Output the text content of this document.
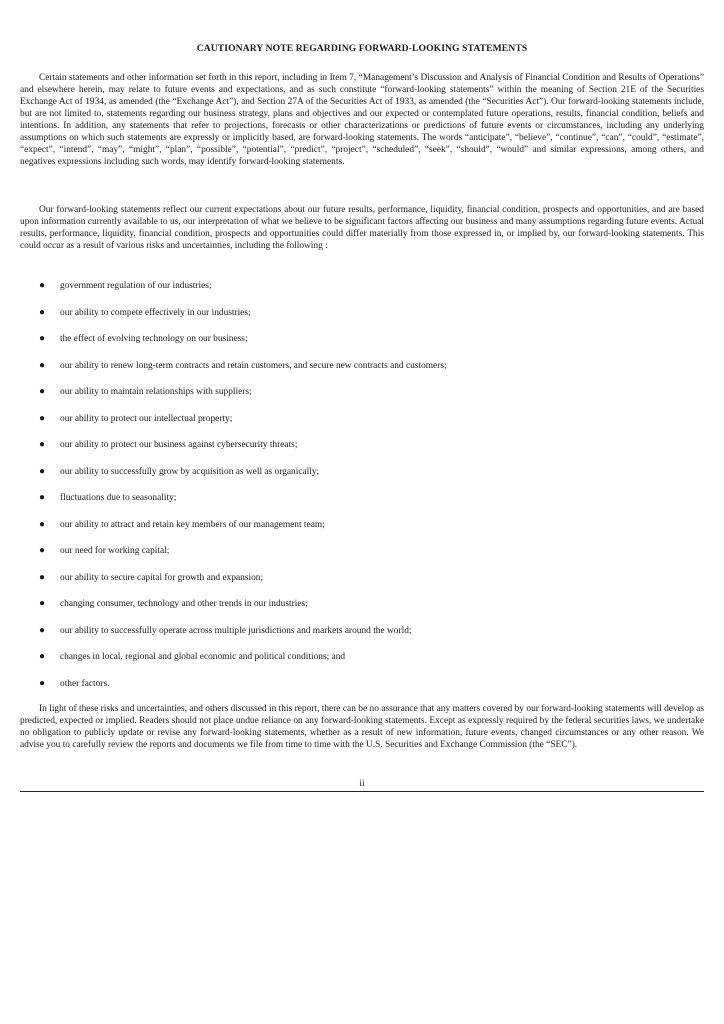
CAUTIONARY NOTE REGARDING FORWARD-LOOKING STATEMENTS

Certain statements and other information set forth in this report, including in Item 7, “Management’s Discussion and Analysis of Financial Condition and Results of Operations” and elsewhere herein, may relate to future events and expectations, and as such constitute “forward-looking statements” within the meaning of Section 21E of the Securities Exchange Act of 1934, as amended (the “Exchange Act”), and Section 27A of the Securities Act of 1933, as amended (the “Securities Act”). Our forward-looking statements include, but are not limited to, statements regarding our business strategy, plans and objectives and our expected or contemplated future operations, results, financial condition, beliefs and intentions. In addition, any statements that refer to projections, forecasts or other characterizations or predictions of future events or circumstances, including any underlying assumptions on which such statements are expressly or implicitly based, are forward-looking statements. The words “anticipate”, “believe”, “continue”, “can”, “could”, “estimate”, “expect”, “intend”, “may”, “might”, “plan”, “possible”, “potential”, “predict”, “project”, “scheduled”, “seek”, “should”, “would” and similar expressions, among others, and negatives expressions including such words, may identify forward-looking statements.

Our forward-looking statements reflect our current expectations about our future results, performance, liquidity, financial condition, prospects and opportunities, and are based upon information currently available to us, our interpretation of what we believe to be significant factors affecting our business and many assumptions regarding future events. Actual results, performance, liquidity, financial condition, prospects and opportunities could differ materially from those expressed in, or implied by, our forward-looking statements. This could occur as a result of various risks and uncertainties, including the following :

● government regulation of our industries;
● our ability to compete effectively in our industries;
● the effect of evolving technology on our business;
● our ability to renew long-term contracts and retain customers, and secure new contracts and customers;
● our ability to maintain relationships with suppliers;
● our ability to protect our intellectual property;
● our ability to protect our business against cybersecurity threats;
● our ability to successfully grow by acquisition as well as organically;
● fluctuations due to seasonality;
● our ability to attract and retain key members of our management team;
● our need for working capital;
● our ability to secure capital for growth and expansion;
● changing consumer, technology and other trends in our industries;
● our ability to successfully operate across multiple jurisdictions and markets around the world;
● changes in local, regional and global economic and political conditions; and
● other factors.

In light of these risks and uncertainties, and others discussed in this report, there can be no assurance that any matters covered by our forward-looking statements will develop as predicted, expected or implied. Readers should not place undue reliance on any forward-looking statements. Except as expressly required by the federal securities laws, we undertake no obligation to publicly update or revise any forward-looking statements, whether as a result of new information, future events, changed circumstances or any other reason. We advise you to carefully review the reports and documents we file from time to time with the U.S. Securities and Exchange Commission (the “SEC”).

ii
